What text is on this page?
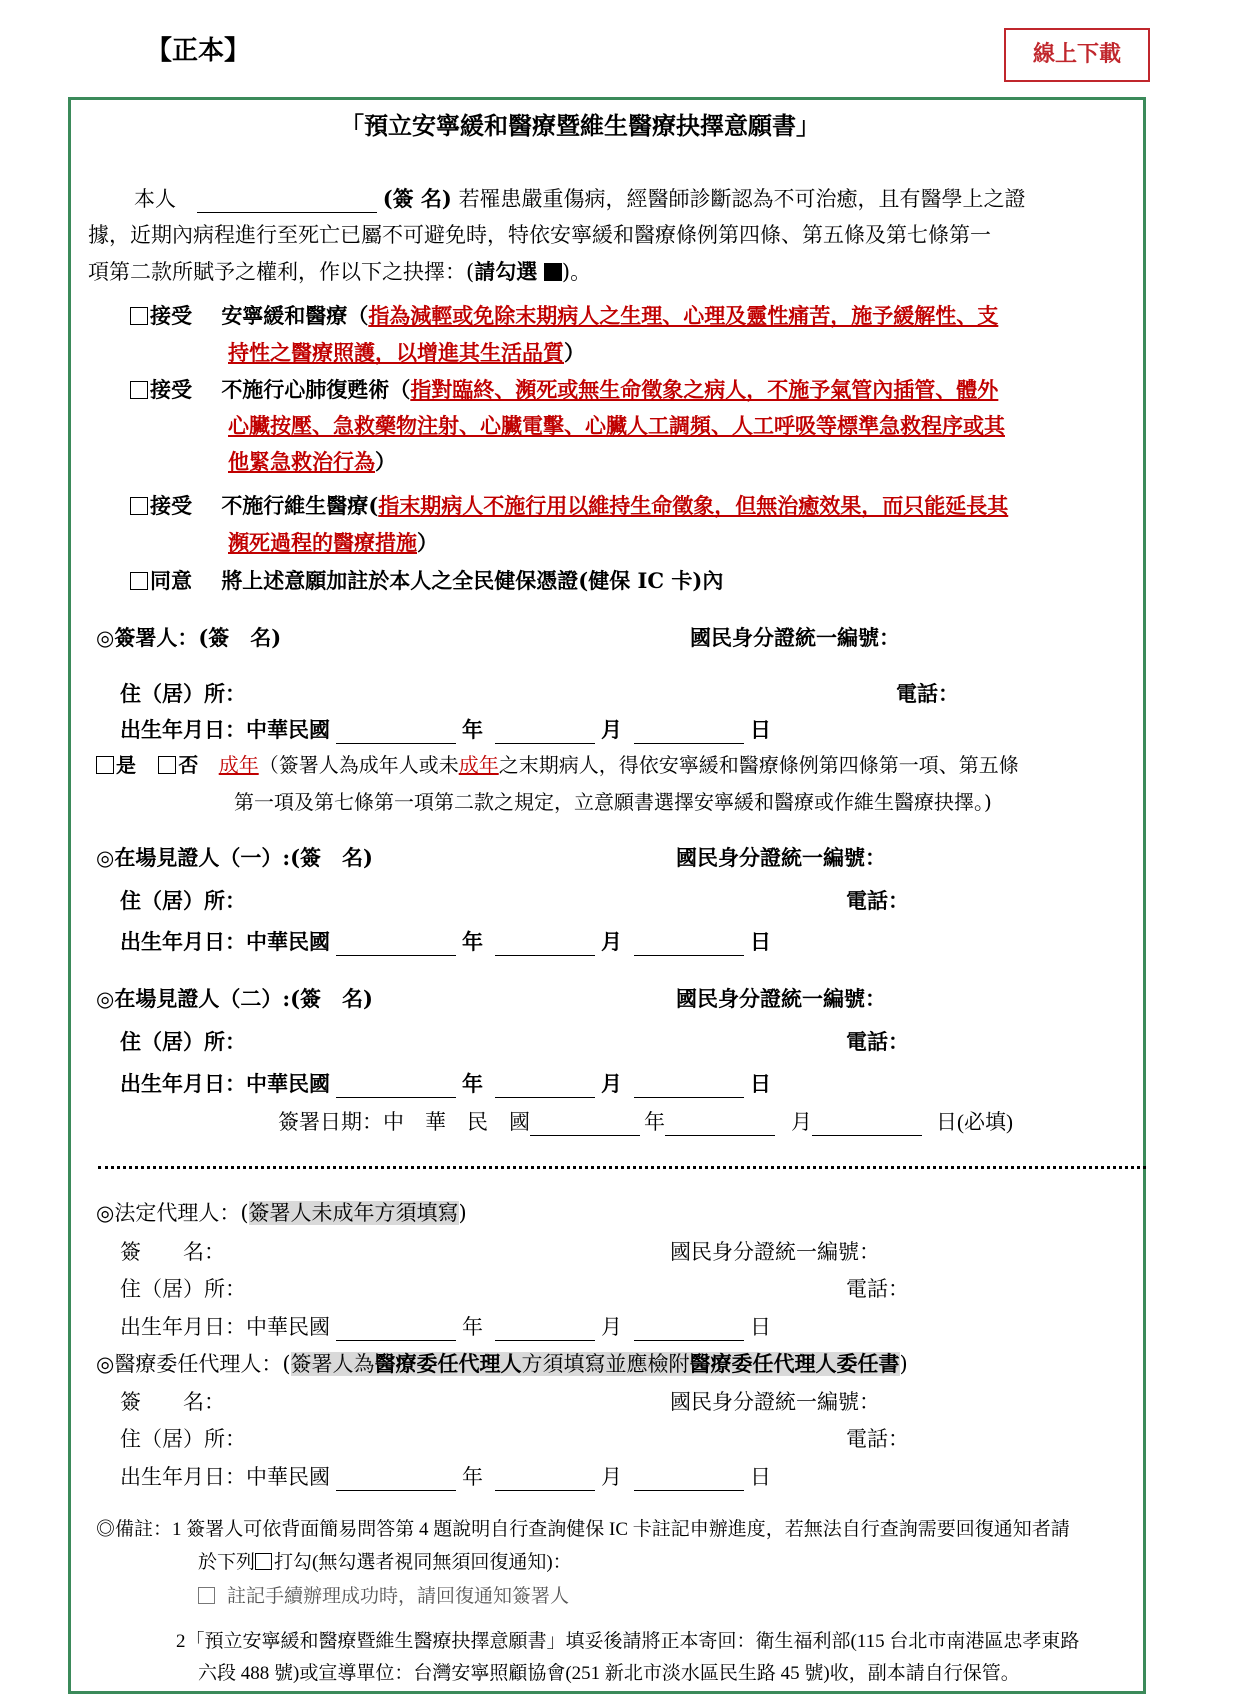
【正本】	線上下載
「預立安寧緩和醫療暨維生醫療抉擇意願書」
本人	(簽 名) 若罹患嚴重傷病，經醫師診斷認為不可治癒，且有醫學上之證
據，近期內病程進行至死亡已屬不可避免時，特依安寧緩和醫療條例第四條、第五條及第七條第一
項第二款所賦予之權利，作以下之抉擇：(請勾選 )。
接受 安寧緩和醫療（指為減輕或免除末期病人之生理、心理及靈性痛苦，施予緩解性、支
持性之醫療照護，以增進其生活品質）
接受 不施行心肺復甦術（指對臨終、瀕死或無生命徵象之病人，不施予氣管內插管、體外
心臟按壓、急救藥物注射、心臟電擊、心臟人工調頻、人工呼吸等標準急救程序或其
他緊急救治行為）
接受 不施行維生醫療(指末期病人不施行用以維持生命徵象，但無治癒效果，而只能延長其
瀕死過程的醫療措施）
同意 將上述意願加註於本人之全民健保憑證(健保 IC 卡)內
◎簽署人：(簽　名)	國民身分證統一編號：
住（居）所：	電話：
出生年月日：中華民國	年	月	日
是 否 成年（簽署人為成年人或未成年之末期病人，得依安寧緩和醫療條例第四條第一項、第五條
第一項及第七條第一項第二款之規定，立意願書選擇安寧緩和醫療或作維生醫療抉擇。)
◎在場見證人（一）:(簽　名)	國民身分證統一編號：
住（居）所：	電話：
出生年月日：中華民國	年	月	日
◎在場見證人（二）:(簽　名)	國民身分證統一編號：
住（居）所：	電話：
出生年月日：中華民國	年	月	日
簽署日期：中　華　民　國	年	月	日(必填)
◎法定代理人：(簽署人未成年方須填寫)
簽　　名：	國民身分證統一編號：
住（居）所：	電話：
出生年月日：中華民國	年	月	日
◎醫療委任代理人：(簽署人為醫療委任代理人方須填寫並應檢附醫療委任代理人委任書)
簽　　名：	國民身分證統一編號：
住（居）所：	電話：
出生年月日：中華民國	年	月	日
◎備註：1 簽署人可依背面簡易問答第 4 題說明自行查詢健保 IC 卡註記申辦進度，若無法自行查詢需要回復通知者請
於下列 打勾(無勾選者視同無須回復通知)：
註記手續辦理成功時，請回復通知簽署人
2「預立安寧緩和醫療暨維生醫療抉擇意願書」填妥後請將正本寄回：衛生福利部(115 台北市南港區忠孝東路
六段 488 號)或宣導單位：台灣安寧照顧協會(251 新北市淡水區民生路 45 號)收，副本請自行保管。
